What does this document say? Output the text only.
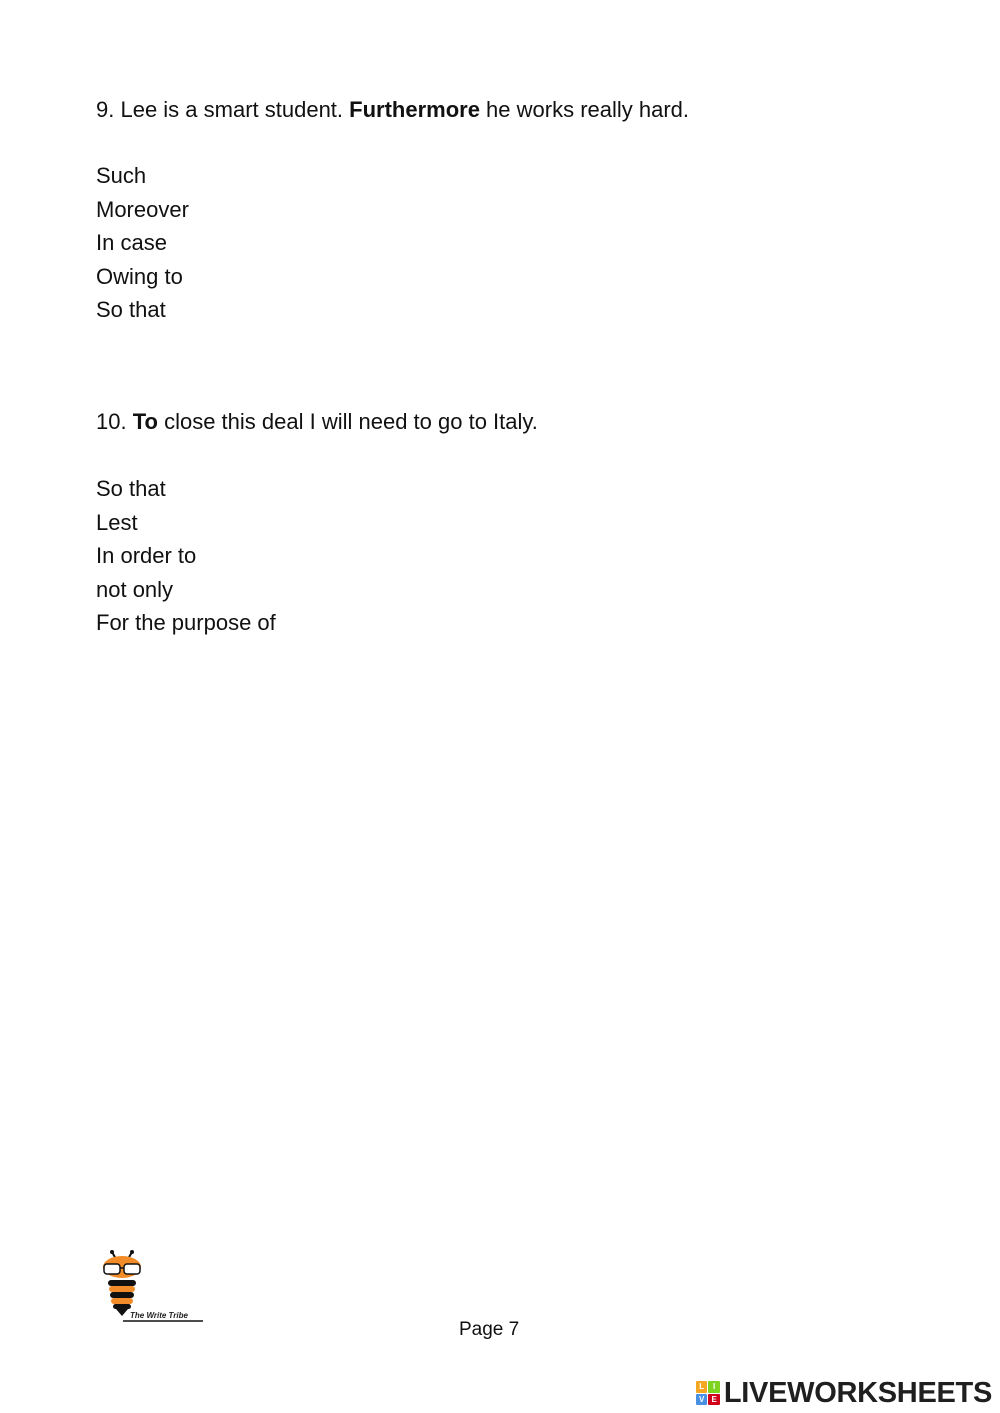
9. Lee is a smart student. Furthermore he works really hard.
Such
Moreover
In case
Owing to
So that
10. To close this deal I will need to go to Italy.
So that
Lest
In order to
not only
For the purpose of
The Write Tribe
Page 7
L	I
V E LIVEWORKSHEETS
